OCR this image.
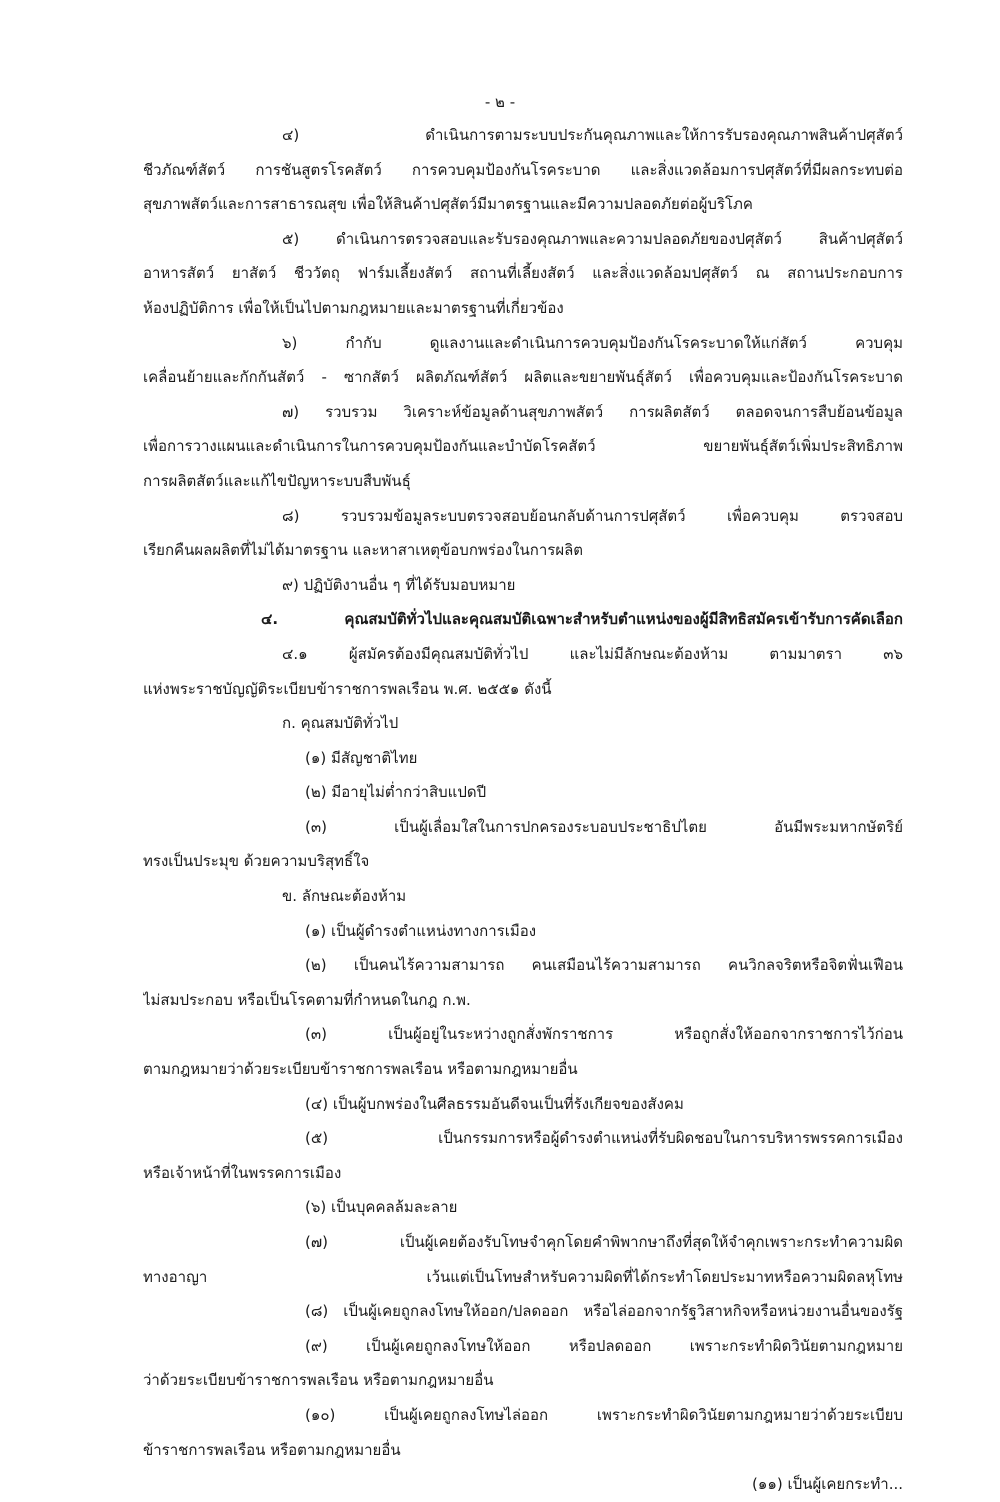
- ๒ -
๔) ดำเนินการตามระบบประกันคุณภาพและให้การรับรองคุณภาพสินค้าปศุสัตว์
ชีวภัณฑ์สัตว์ การชันสูตรโรคสัตว์ การควบคุมป้องกันโรคระบาด และสิ่งแวดล้อมการปศุสัตว์ที่มีผลกระทบต่อ
สุขภาพสัตว์และการสาธารณสุข เพื่อให้สินค้าปศุสัตว์มีมาตรฐานและมีความปลอดภัยต่อผู้บริโภค
๕) ดำเนินการตรวจสอบและรับรองคุณภาพและความปลอดภัยของปศุสัตว์ สินค้าปศุสัตว์
อาหารสัตว์ ยาสัตว์ ชีววัตถุ ฟาร์มเลี้ยงสัตว์ สถานที่เลี้ยงสัตว์ และสิ่งแวดล้อมปศุสัตว์ ณ สถานประกอบการ
ห้องปฏิบัติการ เพื่อให้เป็นไปตามกฎหมายและมาตรฐานที่เกี่ยวข้อง
๖) กำกับ ดูแลงานและดำเนินการควบคุมป้องกันโรคระบาดให้แก่สัตว์ ควบคุม
เคลื่อนย้ายและกักกันสัตว์ - ซากสัตว์ ผลิตภัณฑ์สัตว์ ผลิตและขยายพันธุ์สัตว์ เพื่อควบคุมและป้องกันโรคระบาด
๗) รวบรวม วิเคราะห์ข้อมูลด้านสุขภาพสัตว์ การผลิตสัตว์ ตลอดจนการสืบย้อนข้อมูล
เพื่อการวางแผนและดำเนินการในการควบคุมป้องกันและบำบัดโรคสัตว์ ขยายพันธุ์สัตว์เพิ่มประสิทธิภาพ
การผลิตสัตว์และแก้ไขปัญหาระบบสืบพันธุ์
๘) รวบรวมข้อมูลระบบตรวจสอบย้อนกลับด้านการปศุสัตว์ เพื่อควบคุม ตรวจสอบ
เรียกคืนผลผลิตที่ไม่ได้มาตรฐาน และหาสาเหตุข้อบกพร่องในการผลิต
๙) ปฏิบัติงานอื่น ๆ ที่ได้รับมอบหมาย
๔. คุณสมบัติทั่วไปและคุณสมบัติเฉพาะสำหรับตำแหน่งของผู้มีสิทธิสมัครเข้ารับการคัดเลือก
๔.๑ ผู้สมัครต้องมีคุณสมบัติทั่วไป และไม่มีลักษณะต้องห้าม ตามมาตรา ๓๖
แห่งพระราชบัญญัติระเบียบข้าราชการพลเรือน พ.ศ. ๒๕๕๑ ดังนี้
ก. คุณสมบัติทั่วไป
(๑) มีสัญชาติไทย
(๒) มีอายุไม่ต่ำกว่าสิบแปดปี
(๓) เป็นผู้เลื่อมใสในการปกครองระบอบประชาธิปไตย อันมีพระมหากษัตริย์
ทรงเป็นประมุข ด้วยความบริสุทธิ์ใจ
ข. ลักษณะต้องห้าม
(๑) เป็นผู้ดำรงตำแหน่งทางการเมือง
(๒) เป็นคนไร้ความสามารถ คนเสมือนไร้ความสามารถ คนวิกลจริตหรือจิตฟั่นเฟือน
ไม่สมประกอบ หรือเป็นโรคตามที่กำหนดในกฎ ก.พ.
(๓) เป็นผู้อยู่ในระหว่างถูกสั่งพักราชการ หรือถูกสั่งให้ออกจากราชการไว้ก่อน
ตามกฎหมายว่าด้วยระเบียบข้าราชการพลเรือน หรือตามกฎหมายอื่น
(๔) เป็นผู้บกพร่องในศีลธรรมอันดีจนเป็นที่รังเกียจของสังคม
(๕) เป็นกรรมการหรือผู้ดำรงตำแหน่งที่รับผิดชอบในการบริหารพรรคการเมือง
หรือเจ้าหน้าที่ในพรรคการเมือง
(๖) เป็นบุคคลล้มละลาย
(๗) เป็นผู้เคยต้องรับโทษจำคุกโดยคำพิพากษาถึงที่สุดให้จำคุกเพราะกระทำความผิด
ทางอาญา เว้นแต่เป็นโทษสำหรับความผิดที่ได้กระทำโดยประมาทหรือความผิดลหุโทษ
(๘) เป็นผู้เคยถูกลงโทษให้ออก/ปลดออก หรือไล่ออกจากรัฐวิสาหกิจหรือหน่วยงานอื่นของรัฐ
(๙) เป็นผู้เคยถูกลงโทษให้ออก หรือปลดออก เพราะกระทำผิดวินัยตามกฎหมาย
ว่าด้วยระเบียบข้าราชการพลเรือน หรือตามกฎหมายอื่น
(๑๐) เป็นผู้เคยถูกลงโทษไล่ออก เพราะกระทำผิดวินัยตามกฎหมายว่าด้วยระเบียบ
ข้าราชการพลเรือน หรือตามกฎหมายอื่น
(๑๑) เป็นผู้เคยกระทำ...
